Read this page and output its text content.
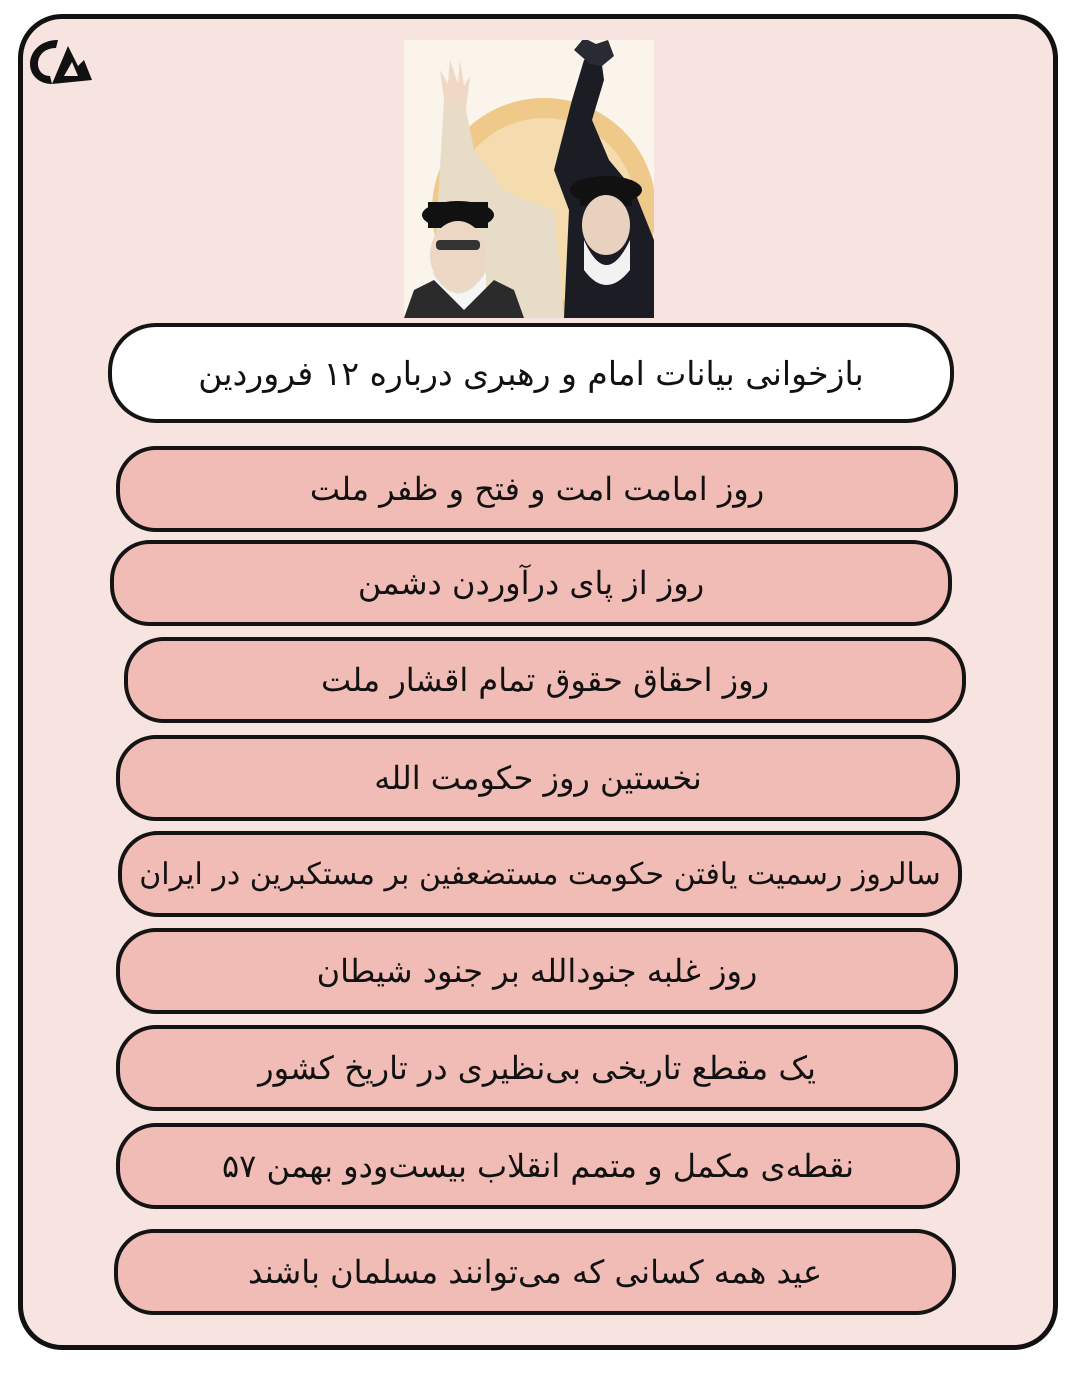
بازخوانی بیانات امام و رهبری درباره ۱۲ فروردین
روز امامت امت و فتح و ظفر ملت
روز از پای درآوردن دشمن
روز احقاق حقوق تمام اقشار ملت
نخستین روز حکومت الله
سالروز رسمیت یافتن حکومت مستضعفین بر مستکبرین در ایران
روز غلبه جنودالله بر جنود شیطان
یک مقطع تاریخی بی‌نظیری در تاریخ کشور
نقطه‌ی مکمل و متمم انقلاب بیست‌ودو بهمن ۵۷
عید همه کسانی که می‌توانند مسلمان باشند
